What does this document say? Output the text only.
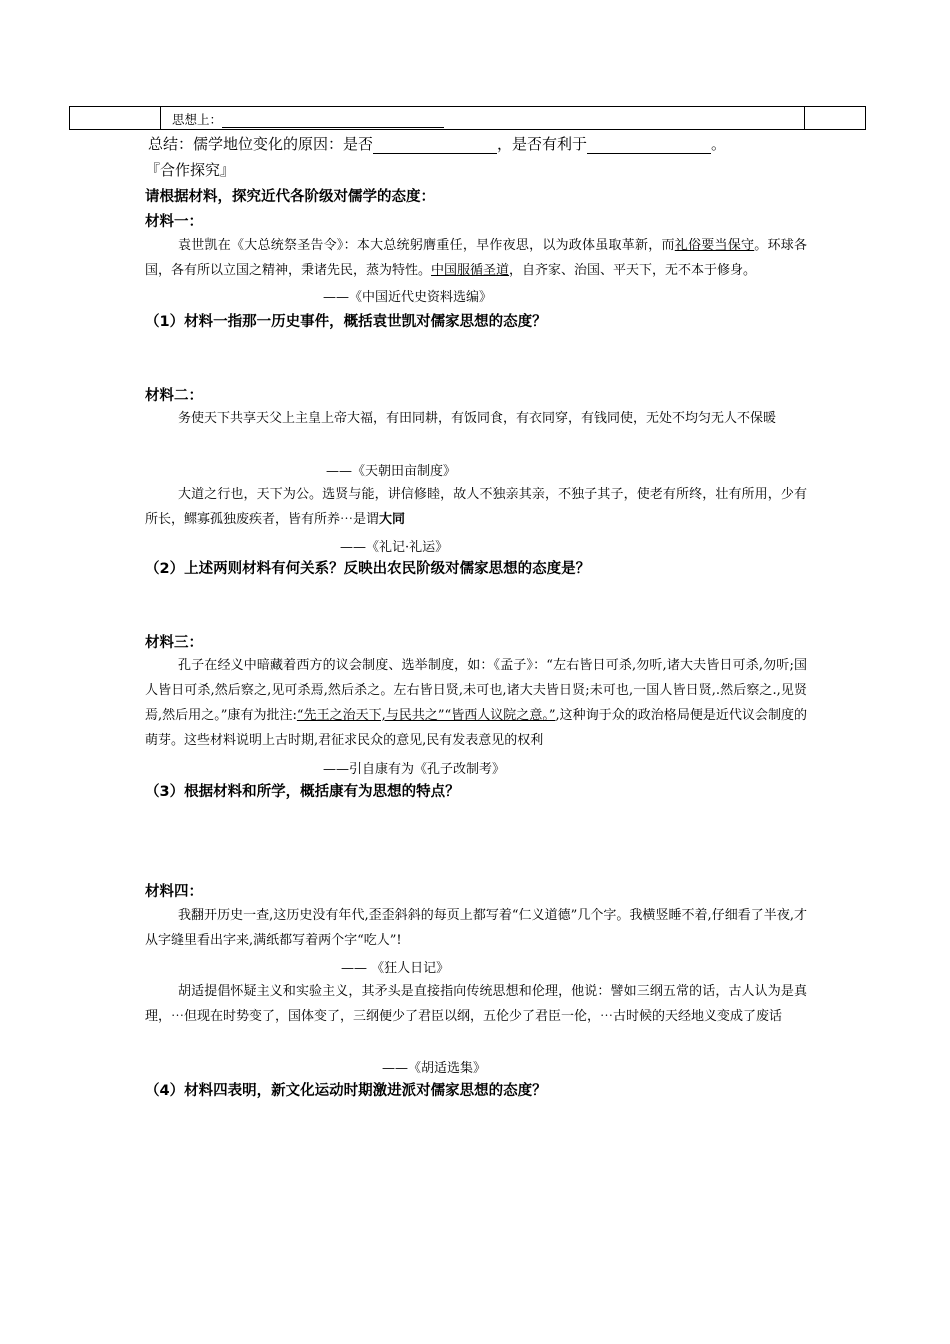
思想上：
总结：儒学地位变化的原因：是否	，是否有利于	。
『合作探究』
请根据材料，探究近代各阶级对儒学的态度：
材料一：
袁世凯在《大总统祭圣告令》：本大总统躬膺重任，早作夜思，以为政体虽取革新，而礼俗要当保守。环球各国，各有所以立国之精神，秉诸先民，蒸为特性。中国服循圣道，自齐家、治国、平天下，无不本于修身。
——《中国近代史资料选编》
（1）材料一指那一历史事件，概括袁世凯对儒家思想的态度？
材料二：
务使天下共享天父上主皇上帝大福，有田同耕，有饭同食，有衣同穿，有钱同使，无处不均匀无人不保暖
——《天朝田亩制度》
大道之行也，天下为公。选贤与能，讲信修睦，故人不独亲其亲，不独子其子，使老有所终，壮有所用，少有所长，鳏寡孤独废疾者，皆有所养⋯是谓大同
——《礼记·礼运》
（2）上述两则材料有何关系？反映出农民阶级对儒家思想的态度是？
材料三：
孔子在经义中暗藏着西方的议会制度、选举制度，如：《孟子》：“左右皆日可杀,勿听,诸大夫皆日可杀,勿听;国人皆日可杀,然后察之,见可杀焉,然后杀之。左右皆日贤,未可也,诸大夫皆日贤;未可也,一国人皆日贤,.然后察之.,见贤焉,然后用之。”康有为批注:“先王之治天下,与民共之”“皆西人议院之意。”,这种询于众的政治格局便是近代议会制度的萌芽。这些材料说明上古时期,君征求民众的意见,民有发表意见的权利
——引自康有为《孔子改制考》
（3）根据材料和所学，概括康有为思想的特点？
材料四：
我翻开历史一查,这历史没有年代,歪歪斜斜的每页上都写着“仁义道德”几个字。我横竖睡不着,仔细看了半夜,才从字缝里看出字来,满纸都写着两个字“吃人”!
—— 《狂人日记》
胡适提倡怀疑主义和实验主义，其矛头是直接指向传统思想和伦理，他说：譬如三纲五常的话，古人认为是真理，⋯但现在时势变了，国体变了，三纲便少了君臣以纲，五伦少了君臣一伦，⋯古时候的天经地义变成了废话
——《胡适选集》
（4）材料四表明，新文化运动时期激进派对儒家思想的态度？
